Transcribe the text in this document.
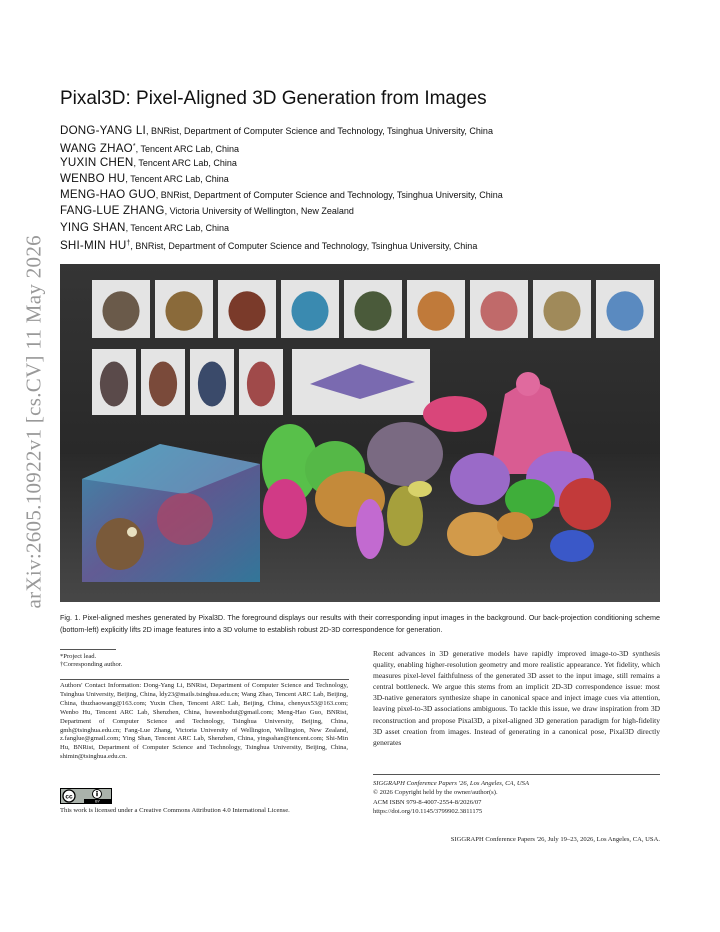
arXiv:2605.10922v1 [cs.CV] 11 May 2026
Pixal3D: Pixel-Aligned 3D Generation from Images
DONG-YANG LI, BNRist, Department of Computer Science and Technology, Tsinghua University, China
WANG ZHAO*, Tencent ARC Lab, China
YUXIN CHEN, Tencent ARC Lab, China
WENBO HU, Tencent ARC Lab, China
MENG-HAO GUO, BNRist, Department of Computer Science and Technology, Tsinghua University, China
FANG-LUE ZHANG, Victoria University of Wellington, New Zealand
YING SHAN, Tencent ARC Lab, China
SHI-MIN HU†, BNRist, Department of Computer Science and Technology, Tsinghua University, China
Fig. 1. Pixel-aligned meshes generated by Pixal3D. The foreground displays our results with their corresponding input images in the background. Our back-projection conditioning scheme (bottom-left) explicitly lifts 2D image features into a 3D volume to establish robust 2D-3D correspondence for generation.
*Project lead.
†Corresponding author.
Authors' Contact Information: Dong-Yang Li, BNRist, Department of Computer Science and Technology, Tsinghua University, Beijing, China, ldy23@mails.tsinghua.edu.cn; Wang Zhao, Tencent ARC Lab, Beijing, China, thuzhaowang@163.com; Yuxin Chen, Tencent ARC Lab, Beijing, China, chenyux53@163.com; Wenbo Hu, Tencent ARC Lab, Shenzhen, China, huwenbodut@gmail.com; Meng-Hao Guo, BNRist, Department of Computer Science and Technology, Tsinghua University, Beijing, China, gmh@tsinghua.edu.cn; Fang-Lue Zhang, Victoria University of Wellington, Wellington, New Zealand, z.fanglue@gmail.com; Ying Shan, Tencent ARC Lab, Shenzhen, China, yingsshan@tencent.com; Shi-Min Hu, BNRist, Department of Computer Science and Technology, Tsinghua University, Beijing, China, shimin@tsinghua.edu.cn.
cc
BY
This work is licensed under a Creative Commons Attribution 4.0 International License.
Recent advances in 3D generative models have rapidly improved image-to-3D synthesis quality, enabling higher-resolution geometry and more realistic appearance. Yet fidelity, which measures pixel-level faithfulness of the generated 3D asset to the input image, still remains a central bottleneck. We argue this stems from an implicit 2D-3D correspondence issue: most 3D-native generators synthesize shape in canonical space and inject image cues via attention, leaving pixel-to-3D associations ambiguous. To tackle this issue, we draw inspiration from 3D reconstruction and propose Pixal3D, a pixel-aligned 3D generation paradigm for high-fidelity 3D asset creation from images. Instead of generating in a canonical pose, Pixal3D directly generates
SIGGRAPH Conference Papers '26, Los Angeles, CA, USA
© 2026 Copyright held by the owner/author(s).
ACM ISBN 979-8-4007-2554-8/2026/07
https://doi.org/10.1145/3799902.3811175
SIGGRAPH Conference Papers '26, July 19–23, 2026, Los Angeles, CA, USA.
